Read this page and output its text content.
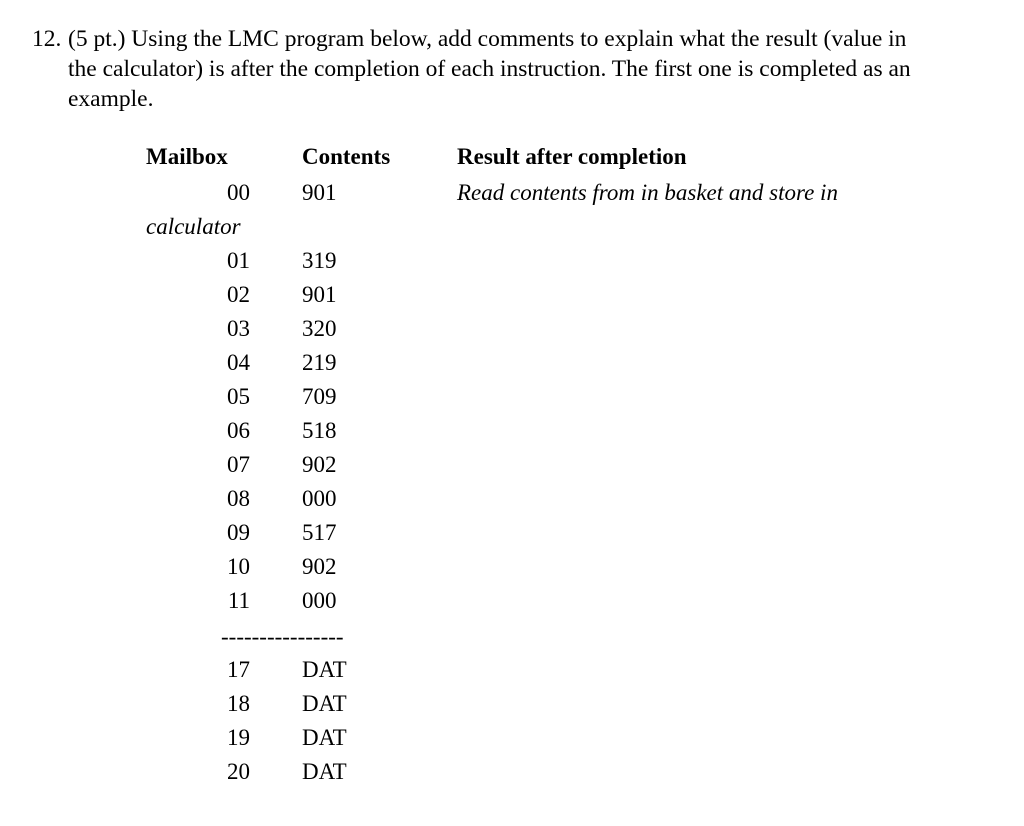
12. (5 pt.) Using the LMC program below, add comments to explain what the result (value in
the calculator) is after the completion of each instruction. The first one is completed as an
example.
Mailbox	Contents	Result after completion
00 901	Read contents from in basket and store in
calculator
01 319
02 901
03 320
04 219
05 709
06 518
07 902
08 000
09 517
10 902
11 000
----------------
17 DAT
18 DAT
19 DAT
20 DAT
